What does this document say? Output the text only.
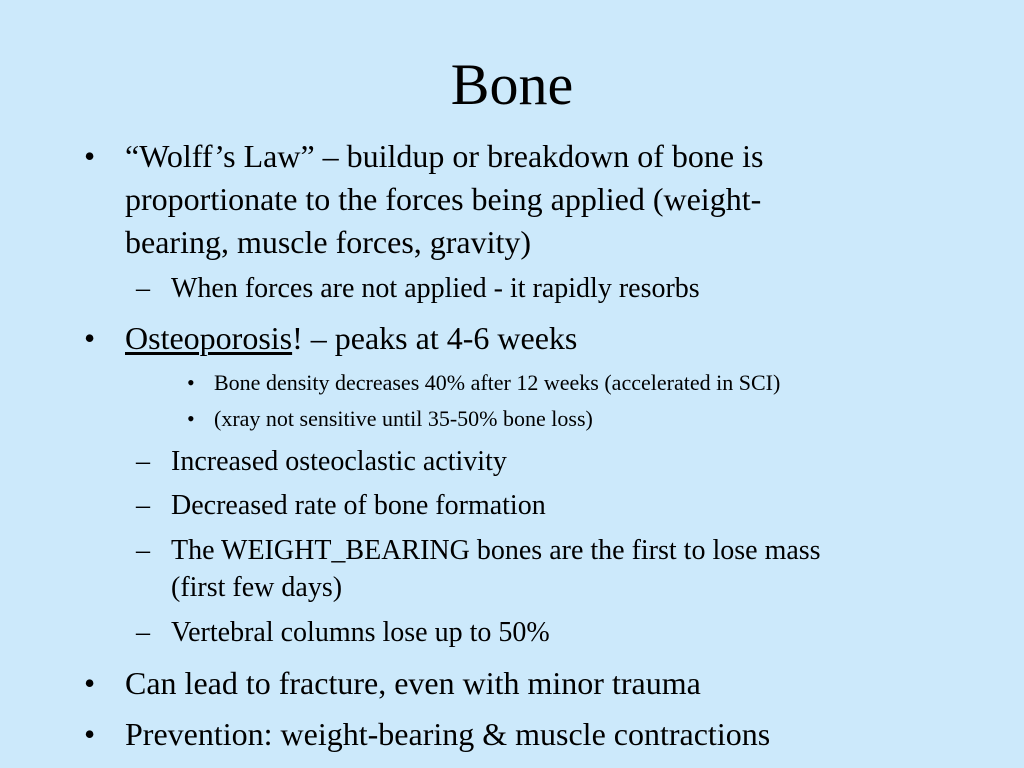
Bone
• “Wolff’s Law” – buildup or breakdown of bone is
proportionate to the forces being applied (weight-
bearing, muscle forces, gravity)
– When forces are not applied - it rapidly resorbs
• Osteoporosis! – peaks at 4-6 weeks
• Bone density decreases 40% after 12 weeks (accelerated in SCI)
• (xray not sensitive until 35-50% bone loss)
– Increased osteoclastic activity
– Decreased rate of bone formation
– The WEIGHT_BEARING bones are the first to lose mass
(first few days)
– Vertebral columns lose up to 50%
• Can lead to fracture, even with minor trauma
• Prevention: weight-bearing & muscle contractions
